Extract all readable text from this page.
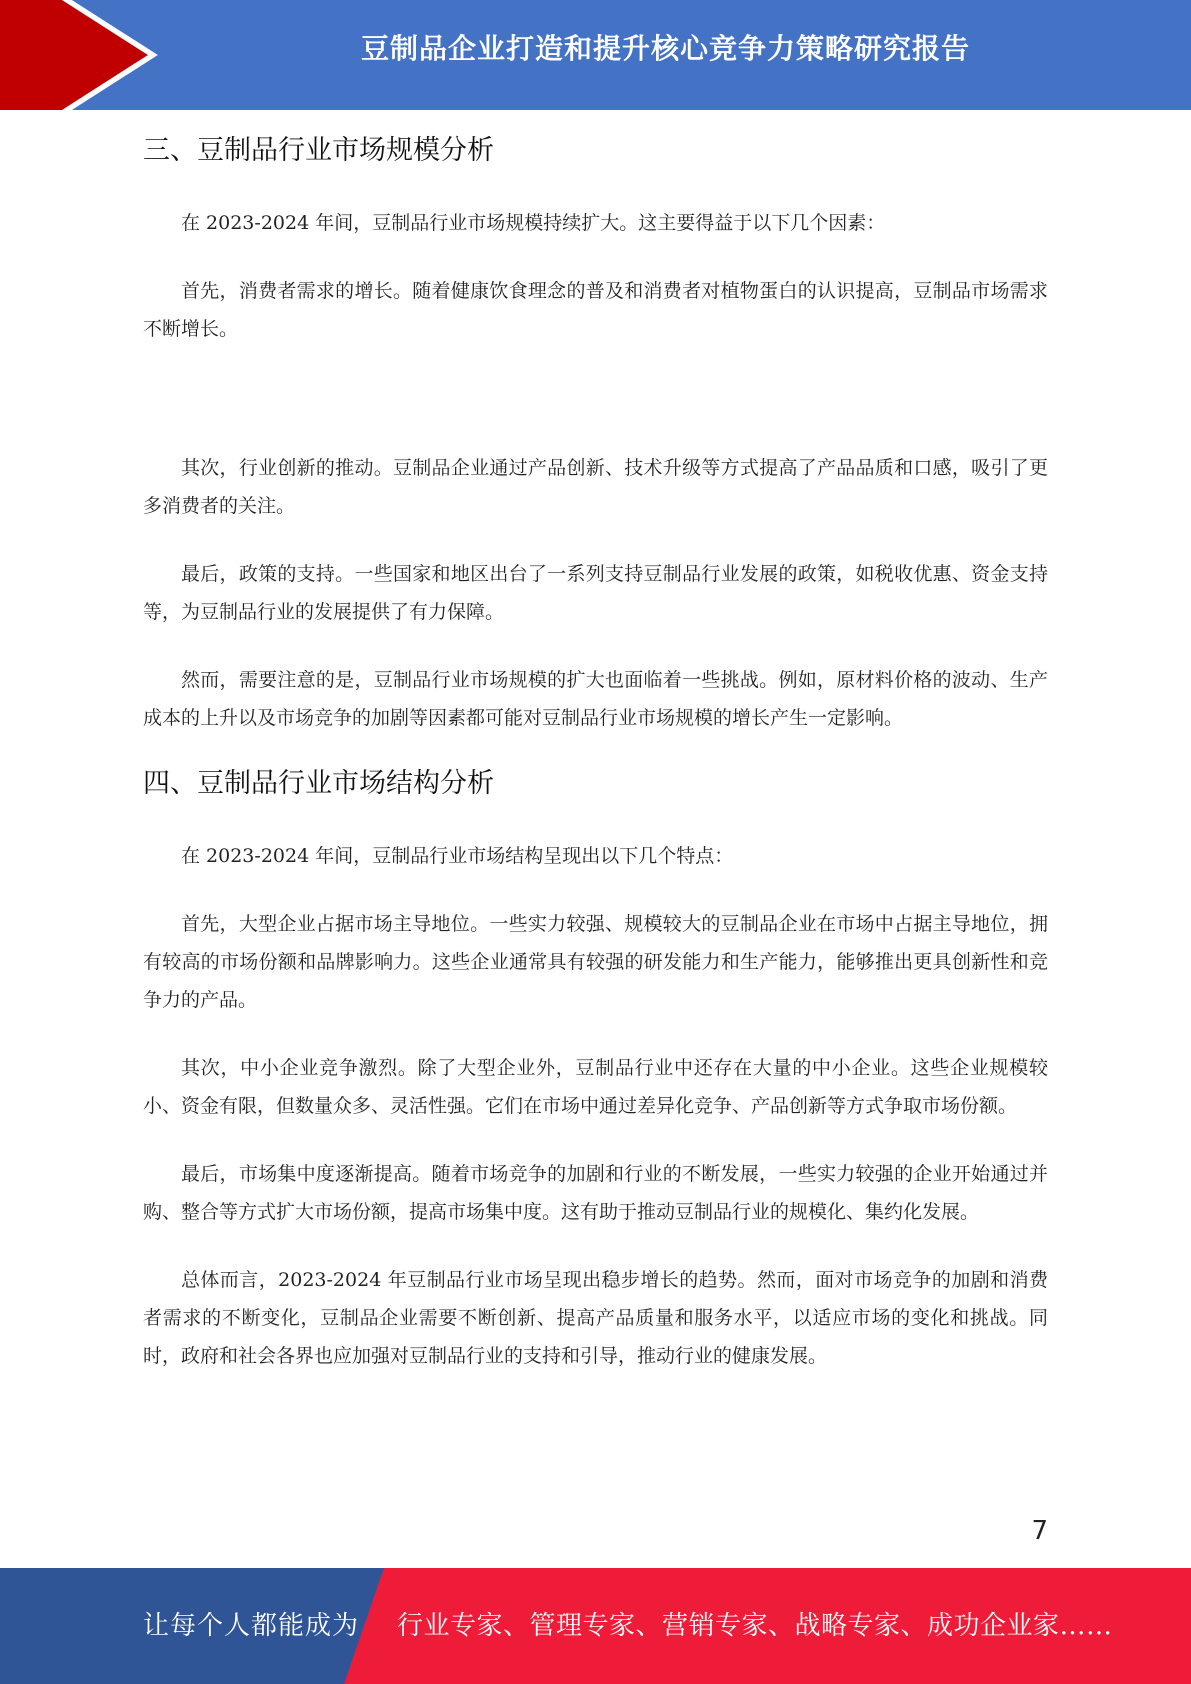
豆制品企业打造和提升核心竞争力策略研究报告
三、豆制品行业市场规模分析

在 2023-2024 年间，豆制品行业市场规模持续扩大。这主要得益于以下几个因素：

首先，消费者需求的增长。随着健康饮食理念的普及和消费者对植物蛋白的认识提高，豆制品市场需求不断增长。

其次，行业创新的推动。豆制品企业通过产品创新、技术升级等方式提高了产品品质和口感，吸引了更多消费者的关注。

最后，政策的支持。一些国家和地区出台了一系列支持豆制品行业发展的政策，如税收优惠、资金支持等，为豆制品行业的发展提供了有力保障。

然而，需要注意的是，豆制品行业市场规模的扩大也面临着一些挑战。例如，原材料价格的波动、生产成本的上升以及市场竞争的加剧等因素都可能对豆制品行业市场规模的增长产生一定影响。

四、豆制品行业市场结构分析

在 2023-2024 年间，豆制品行业市场结构呈现出以下几个特点：

首先，大型企业占据市场主导地位。一些实力较强、规模较大的豆制品企业在市场中占据主导地位，拥有较高的市场份额和品牌影响力。这些企业通常具有较强的研发能力和生产能力，能够推出更具创新性和竞争力的产品。

其次，中小企业竞争激烈。除了大型企业外，豆制品行业中还存在大量的中小企业。这些企业规模较小、资金有限，但数量众多、灵活性强。它们在市场中通过差异化竞争、产品创新等方式争取市场份额。

最后，市场集中度逐渐提高。随着市场竞争的加剧和行业的不断发展，一些实力较强的企业开始通过并购、整合等方式扩大市场份额，提高市场集中度。这有助于推动豆制品行业的规模化、集约化发展。

总体而言，2023-2024 年豆制品行业市场呈现出稳步增长的趋势。然而，面对市场竞争的加剧和消费者需求的不断变化，豆制品企业需要不断创新、提高产品质量和服务水平，以适应市场的变化和挑战。同时，政府和社会各界也应加强对豆制品行业的支持和引导，推动行业的健康发展。

7
让每个人都能成为 行业专家、管理专家、营销专家、战略专家、成功企业家……
